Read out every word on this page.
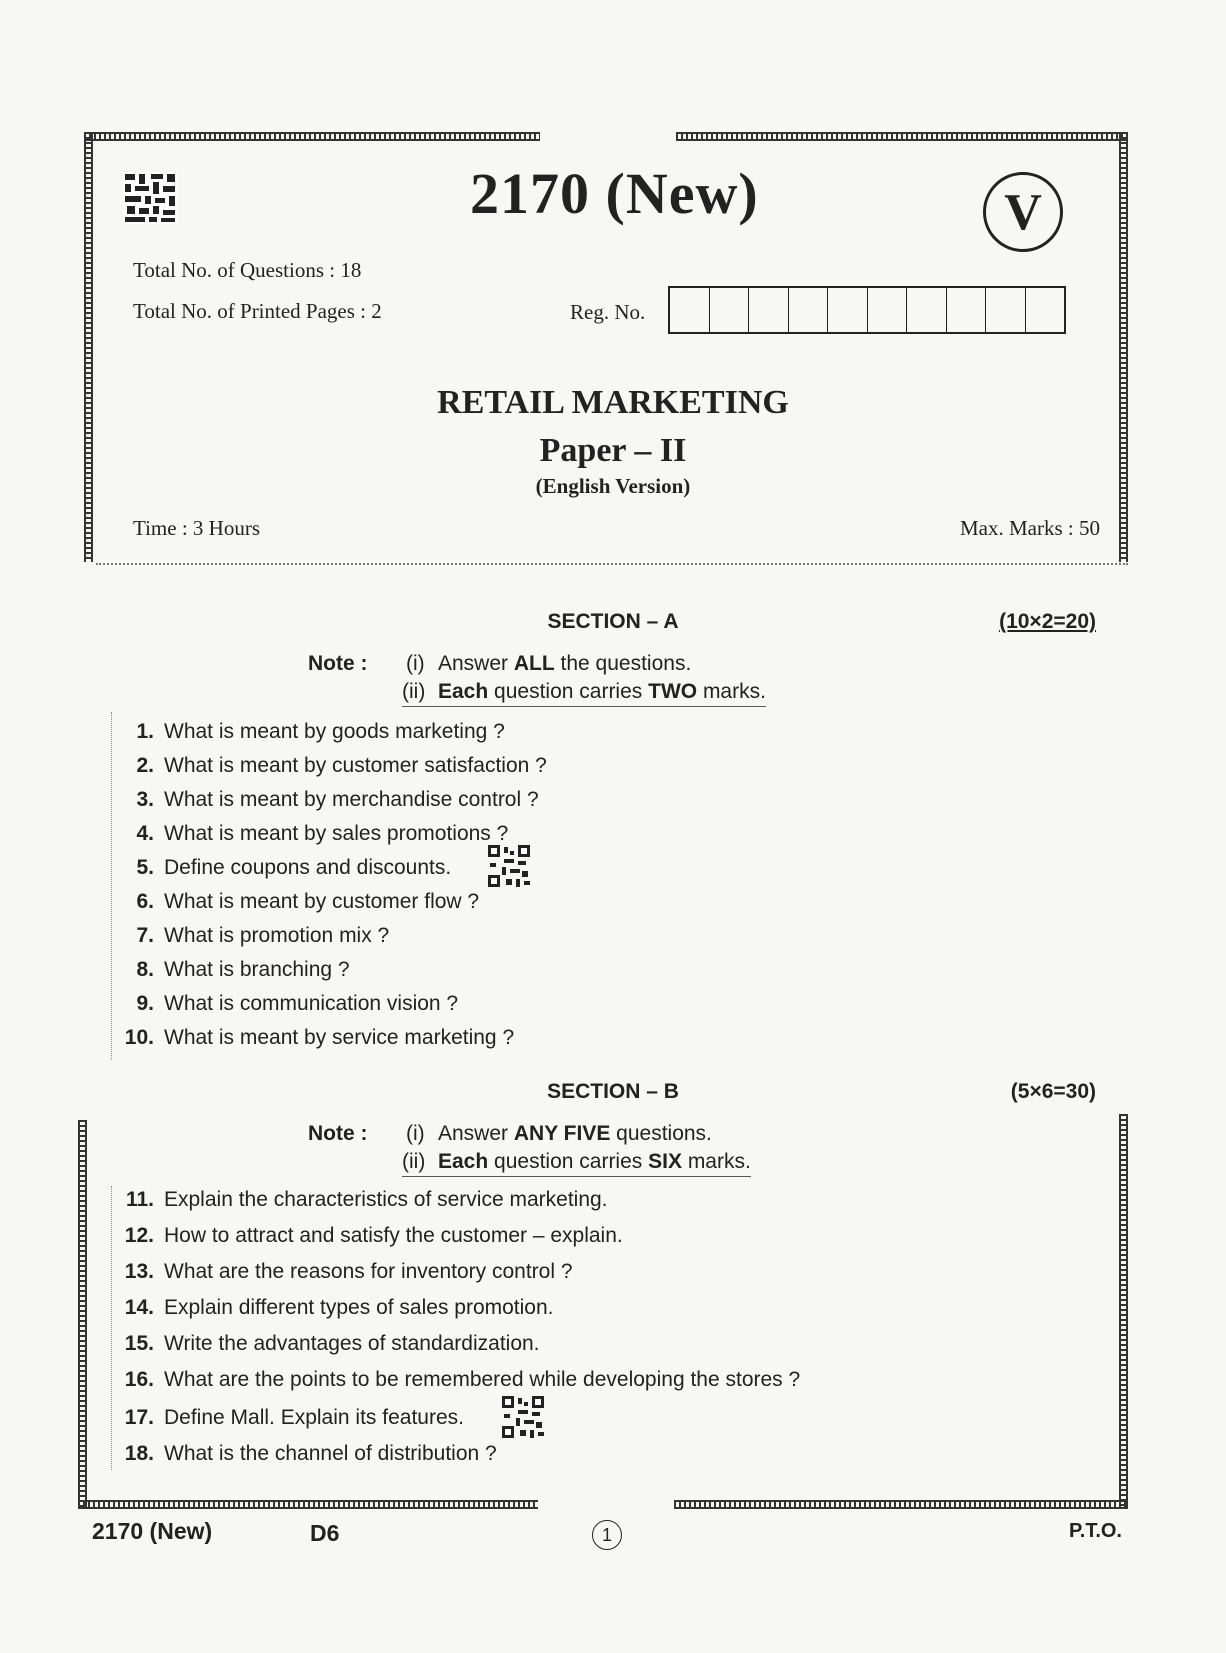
2170 (New)	V
Total No. of Questions : 18
Total No. of Printed Pages : 2	Reg. No.
RETAIL MARKETING
Paper – II
(English Version)
Time : 3 Hours	Max. Marks : 50
SECTION – A	(10×2=20)
Note : (i) Answer ALL the questions.
(ii) Each question carries TWO marks.
1. What is meant by goods marketing ?
2. What is meant by customer satisfaction ?
3. What is meant by merchandise control ?
4. What is meant by sales promotions ?
5. Define coupons and discounts.
6. What is meant by customer flow ?
7. What is promotion mix ?
8. What is branching ?
9. What is communication vision ?
10. What is meant by service marketing ?
SECTION – B	(5×6=30)
Note : (i) Answer ANY FIVE questions.
(ii) Each question carries SIX marks.
11. Explain the characteristics of service marketing.
12. How to attract and satisfy the customer – explain.
13. What are the reasons for inventory control ?
14. Explain different types of sales promotion.
15. Write the advantages of standardization.
16. What are the points to be remembered while developing the stores ?
17. Define Mall. Explain its features.
18. What is the channel of distribution ?
2170 (New)	D6	1	P.T.O.
